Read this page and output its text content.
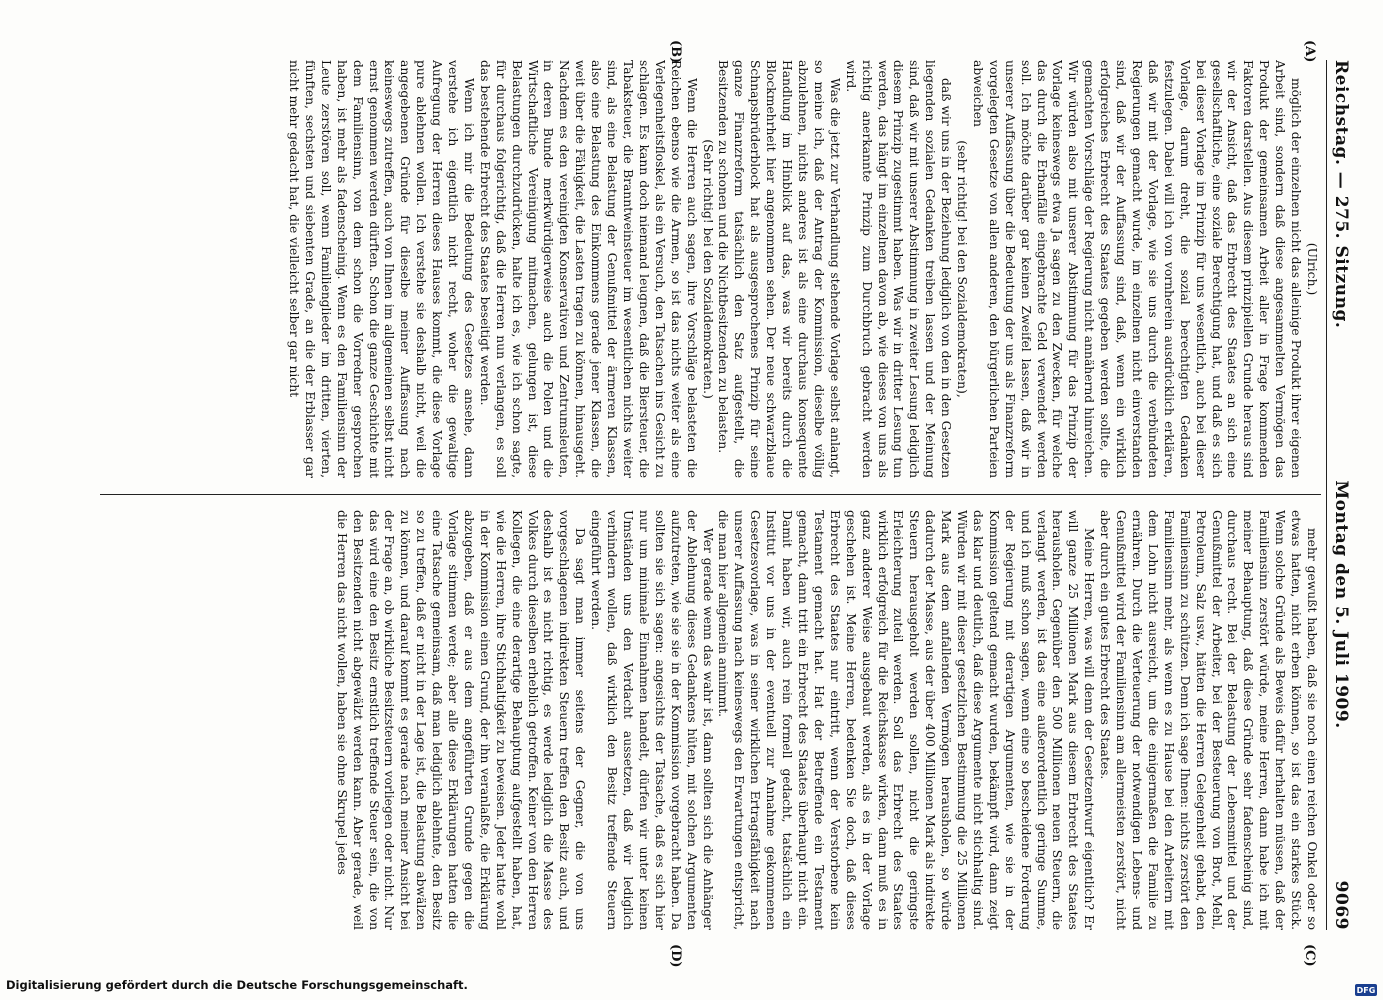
Reichstag. — 275. Sitzung.
Montag den 5. Juli 1909.
9069
(A)
(B)
(C)
(D)

(Ulrich.)

möglich der einzelnen nicht das alleinige Produkt ihrer eigenen Arbeit sind, sondern daß diese angesammelten Vermögen das Produkt der gemeinsamen Arbeit aller in Frage kommenden Faktoren darstellen. Aus diesem prinzipiellen Grunde heraus sind wir der Ansicht, daß das Erbrecht des Staates an sich eine gesellschaftliche, eine soziale Berechtigung hat, und daß es sich bei dieser Vorlage im Prinzip für uns wesentlich, auch bei dieser Vorlage, darum dreht, die sozial berechtigten Gedanken festzulegen. Dabei will ich von vornherein ausdrücklich erklären, daß wir mit der Vorlage, wie sie uns durch die verbündeten Regierungen gemacht wurde, im einzelnen nicht einverstanden sind, daß wir der Auffassung sind, daß, wenn ein wirklich erfolgreiches Erbrecht des Staates gegeben werden sollte, die gemachten Vorschläge der Regierung nicht annähernd hinreichen. Wir würden also mit unserer Abstimmung für das Prinzip der Vorlage keineswegs etwa Ja sagen zu den Zwecken, für welche das durch die Erbanfälle eingebrachte Geld verwendet werden soll. Ich möchte darüber gar keinen Zweifel lassen, daß wir in unserer Auffassung über die Bedeutung der uns als Finanzreform vorgelegten Gesetze von allen anderen, den bürgerlichen Parteien abweichen

(sehr richtig! bei den Sozialdemokraten),

daß wir uns in der Beziehung lediglich von den in den Gesetzen liegenden sozialen Gedanken treiben lassen und der Meinung sind, daß wir mit unserer Abstimmung in zweiter Lesung lediglich diesem Prinzip zugestimmt haben. Was wir in dritter Lesung tun werden, das hängt im einzelnen davon ab, wie dieses von uns als richtig anerkannte Prinzip zum Durchbruch gebracht werden wird.

Was die jetzt zur Verhandlung stehende Vorlage selbst anlangt, so meine ich, daß der Antrag der Kommission, dieselbe völlig abzulehnen, nichts anderes ist als eine durchaus konsequente Handlung im Hinblick auf das, was wir bereits durch die Blockmehrheit hier angenommen sehen. Der neue schwarzblaue Schnapsbrüderblock hat als ausgesprochenes Prinzip für seine ganze Finanzreform tatsächlich den Satz aufgestellt, die Besitzenden zu schonen und die Nichtbesitzenden zu belasten.

(Sehr richtig! bei den Sozialdemokraten.)

Wenn die Herren auch sagen, ihre Vorschläge belasteten die Reichen ebenso wie die Armen, so ist das nichts weiter als eine Verlegenheitsfloskel, als ein Versuch, den Tatsachen ins Gesicht zu schlagen. Es kann doch niemand leugnen, daß die Biersteuer, die Tabaksteuer, die Branntweinsteuer im wesentlichen nichts weiter sind, als eine Belastung der Genußmittel der ärmeren Klassen, also eine Belastung des Einkommens gerade jener Klassen, die weit über die Fähigkeit, die Lasten tragen zu können, hinausgeht. Nachdem es den vereinigten Konservativen und Zentrumsleuten, in deren Bunde merkwürdigerweise auch die Polen und die Wirtschaftliche Vereinigung mitmachen, gelungen ist, diese Belastungen durchzudrücken, halte ich es, wie ich schon sagte, für durchaus folgerichtig, daß die Herren nun verlangen, es soll das bestehende Erbrecht des Staates beseitigt werden.

Wenn ich mir die Bedeutung des Gesetzes ansehe, dann verstehe ich eigentlich nicht recht, woher die gewaltige Aufregung der Herren dieses Hauses kommt, die diese Vorlage pure ablehnen wollen. Ich verstehe sie deshalb nicht, weil die angegebenen Gründe für dieselbe meiner Auffassung nach keineswegs zutreffen, auch von Ihnen im allgemeinen selbst nicht ernst genommen werden dürften. Schon die ganze Geschichte mit dem Familiensinn, von dem schon die Vorredner gesprochen haben, ist mehr als fadenscheinig. Wenn es den Familiensinn der Leute zerstören soll, wenn Familienglieder im dritten, vierten, fünften, sechsten und siebenten Grade, an die der Erblasser gar nicht mehr gedacht hat, die vielleicht selber gar nicht

mehr gewußt haben, daß sie noch einen reichen Onkel oder so etwas hatten, nicht erben können, so ist das ein starkes Stück. Wenn solche Gründe als Beweis dafür herhalten müssen, daß der Familiensinn zerstört würde, meine Herren, dann habe ich mit meiner Behauptung, daß diese Gründe sehr fadenscheinig sind, durchaus recht. Bei der Belastung der Lebensmittel und der Genußmittel der Arbeiter, bei der Besteuerung von Brot, Mehl, Petroleum, Salz usw., hätten die Herren Gelegenheit gehabt, den Familiensinn zu schützen. Denn ich sage Ihnen: nichts zerstört den Familiensinn mehr, als wenn es zu Hause bei den Arbeitern mit dem Lohn nicht ausreicht, um die einigermaßen die Familie zu ernähren. Durch die Verteuerung der notwendigen Lebens- und Genußmittel wird der Familiensinn am allermeisten zerstört, nicht aber durch ein gutes Erbrecht des Staates.

Meine Herren, was will denn der Gesetzentwurf eigentlich? Er will ganze 25 Millionen Mark aus diesem Erbrecht des Staates herausholen. Gegenüber den 500 Millionen neuen Steuern, die verlangt werden, ist das eine außerordentlich geringe Summe, und ich muß schon sagen, wenn eine so bescheidene Forderung der Regierung mit derartigen Argumenten, wie sie in der Kommission geltend gemacht wurden, bekämpft wird, dann zeigt das klar und deutlich, daß diese Argumente nicht stichhaltig sind. Würden wir mit dieser gesetzlichen Bestimmung die 25 Millionen Mark aus dem anfallenden Vermögen herausholen, so würde dadurch der Masse, aus der über 400 Millionen Mark als indirekte Steuern herausgeholt werden sollen, nicht die geringste Erleichterung zuteil werden. Soll das Erbrecht des Staates wirklich erfolgreich für die Reichskasse wirken, dann muß es in ganz anderer Weise ausgebaut werden, als es in der Vorlage geschehen ist. Meine Herren, bedenken Sie doch, daß dieses Erbrecht des Staates nur eintritt, wenn der Verstorbene kein Testament gemacht hat. Hat der Betreffende ein Testament gemacht, dann tritt ein Erbrecht des Staates überhaupt nicht ein. Damit haben wir, auch rein formell gedacht, tatsächlich ein Institut vor uns in der eventuell zur Annahme gekommenen Gesetzesvorlage, was in seiner wirklichen Ertragsfähigkeit nach unserer Auffassung nach keineswegs den Erwartungen entspricht, die man hier allgemein annimmt.

Wer gerade wenn das wahr ist, dann sollten sich die Anhänger der Ablehnung dieses Gedankens hüten, mit solchen Argumenten aufzutreten, wie sie sie in der Kommission vorgebracht haben. Da sollten sie sich sagen: angesichts der Tatsache, daß es sich hier nur um minimale Einnahmen handelt, dürfen wir unter keinen Umständen uns den Verdacht aussetzen, daß wir lediglich verhindern wollen, daß wirklich den Besitz treffende Steuern eingeführt werden.

Da sagt man immer seitens der Gegner, die von uns vorgeschlagenen indirekten Steuern treffen den Besitz auch, und deshalb ist es nicht richtig, es werde lediglich die Masse des Volkes durch dieselben erheblich getroffen. Keiner von den Herren Kollegen, die eine derartige Behauptung aufgestellt haben, hat, wie die Herren, ihre Stichhaltigkeit zu beweisen. Jeder hatte wohl in der Kommission einen Grund, der ihn veranlaßte, die Erklärung abzugeben, daß er aus dem angeführten Grunde gegen die Vorlage stimmen werde; aber alle diese Erklärungen hatten die eine Tatsache gemeinsam, daß man lediglich ablehnte, den Besitz so zu treffen, daß er nicht in der Lage ist, die Belastung abwälzen zu können, und darauf kommt es gerade nach meiner Ansicht bei der Frage an, ob wirkliche Besitzsteuern vorliegen oder nicht. Nur das wird eine den Besitz ernstlich treffende Steuer sein, die von den Besitzenden nicht abgewälzt werden kann. Aber gerade, weil die Herren das nicht wollen, haben sie ohne Skrupel jedes

Digitalisierung gefördert durch die Deutsche Forschungsgemeinschaft.	DFG
